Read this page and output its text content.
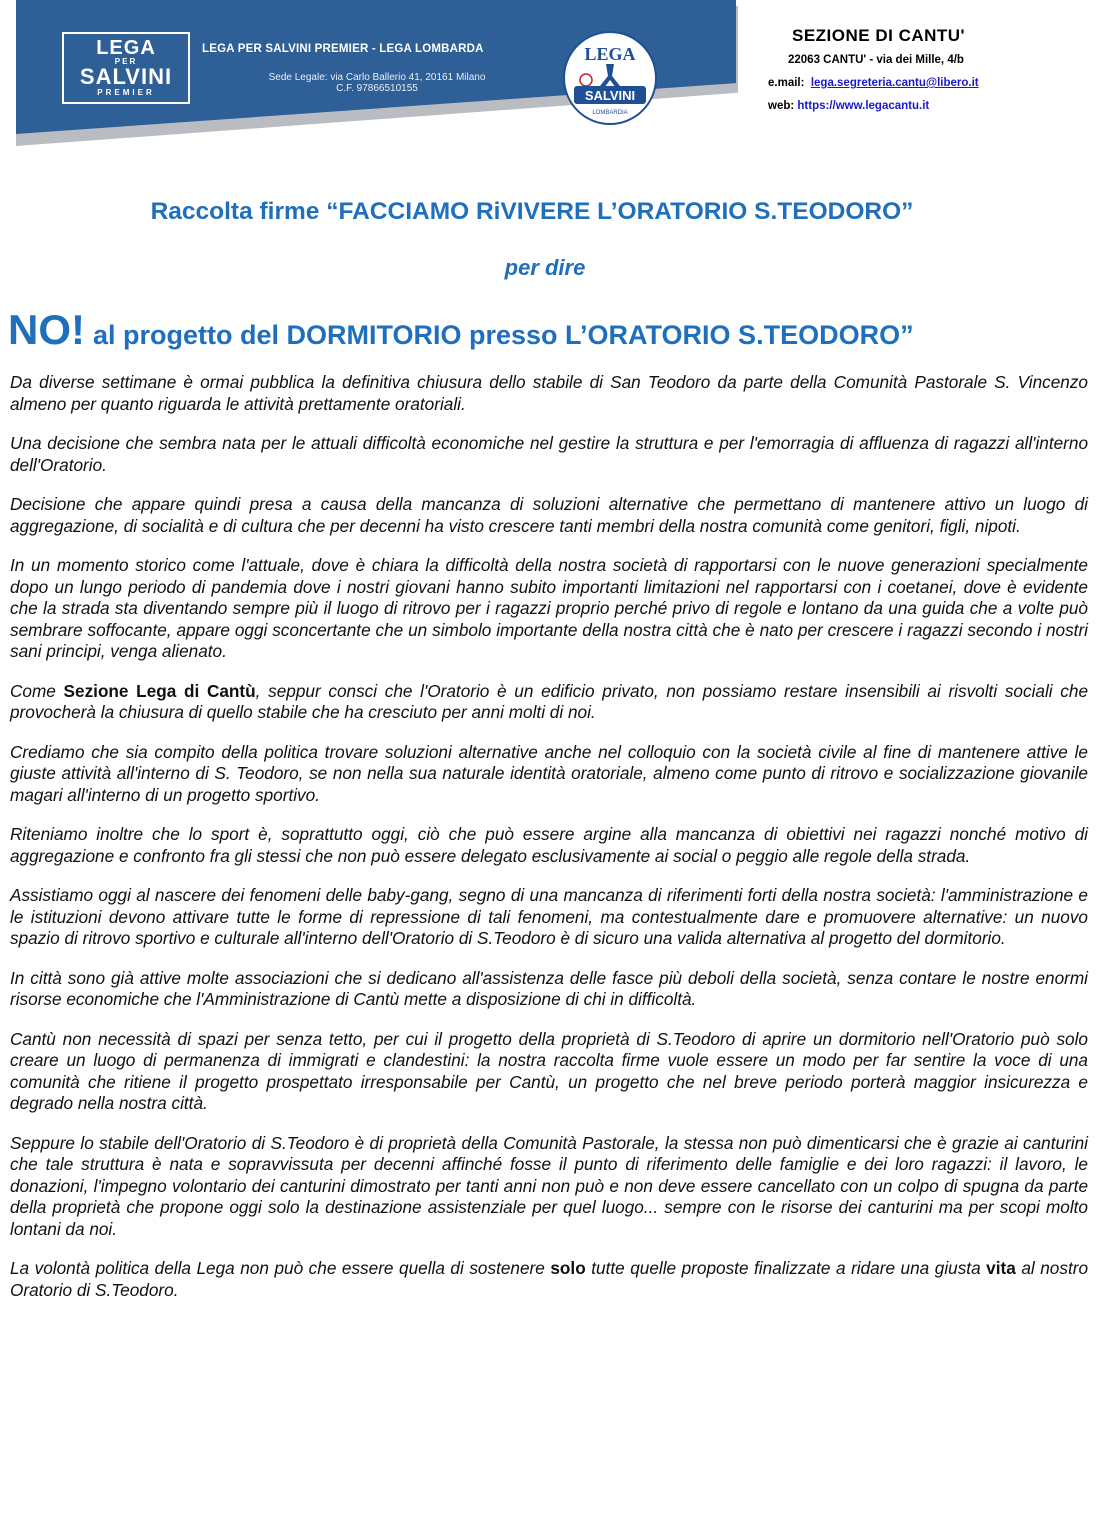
LEGA
PER
SALVINI
PREMIER
LEGA PER SALVINI PREMIER - LEGA LOMBARDA
Sede Legale: via Carlo Ballerio 41, 20161 Milano
C.F. 97866510155
LEGA
SALVINI
LOMBARDIA
SEZIONE DI CANTU'
22063 CANTU' - via dei Mille, 4/b
e.mail: lega.segreteria.cantu@libero.it
web: https://www.legacantu.it
Raccolta firme “FACCIAMO RiVIVERE L’ORATORIO S.TEODORO”
per dire
NO! al progetto del DORMITORIO presso L’ORATORIO S.TEODORO”

Da diverse settimane è ormai pubblica la definitiva chiusura dello stabile di San Teodoro da parte della Comunità Pastorale S. Vincenzo almeno per quanto riguarda le attività prettamente oratoriali.

Una decisione che sembra nata per le attuali difficoltà economiche nel gestire la struttura e per l'emorragia di affluenza di ragazzi all'interno dell'Oratorio.

Decisione che appare quindi presa a causa della mancanza di soluzioni alternative che permettano di mantenere attivo un luogo di aggregazione, di socialità e di cultura che per decenni ha visto crescere tanti membri della nostra comunità come genitori, figli, nipoti.

In un momento storico come l'attuale, dove è chiara la difficoltà della nostra società di rapportarsi con le nuove generazioni specialmente dopo un lungo periodo di pandemia dove i nostri giovani hanno subito importanti limitazioni nel rapportarsi con i coetanei, dove è evidente che la strada sta diventando sempre più il luogo di ritrovo per i ragazzi proprio perché privo di regole e lontano da una guida che a volte può sembrare soffocante, appare oggi sconcertante che un simbolo importante della nostra città che è nato per crescere i ragazzi secondo i nostri sani principi, venga alienato.

Come Sezione Lega di Cantù, seppur consci che l'Oratorio è un edificio privato, non possiamo restare insensibili ai risvolti sociali che provocherà la chiusura di quello stabile che ha cresciuto per anni molti di noi.

Crediamo che sia compito della politica trovare soluzioni alternative anche nel colloquio con la società civile al fine di mantenere attive le giuste attività all'interno di S. Teodoro, se non nella sua naturale identità oratoriale, almeno come punto di ritrovo e socializzazione giovanile magari all'interno di un progetto sportivo.

Riteniamo inoltre che lo sport è, soprattutto oggi, ciò che può essere argine alla mancanza di obiettivi nei ragazzi nonché motivo di aggregazione e confronto fra gli stessi che non può essere delegato esclusivamente ai social o peggio alle regole della strada.

Assistiamo oggi al nascere dei fenomeni delle baby-gang, segno di una mancanza di riferimenti forti della nostra società: l'amministrazione e le istituzioni devono attivare tutte le forme di repressione di tali fenomeni, ma contestualmente dare e promuovere alternative: un nuovo spazio di ritrovo sportivo e culturale all'interno dell'Oratorio di S.Teodoro è di sicuro una valida alternativa al progetto del dormitorio.

In città sono già attive molte associazioni che si dedicano all'assistenza delle fasce più deboli della società, senza contare le nostre enormi risorse economiche che l'Amministrazione di Cantù mette a disposizione di chi in difficoltà.

Cantù non necessità di spazi per senza tetto, per cui il progetto della proprietà di S.Teodoro di aprire un dormitorio nell'Oratorio può solo creare un luogo di permanenza di immigrati e clandestini: la nostra raccolta firme vuole essere un modo per far sentire la voce di una comunità che ritiene il progetto prospettato irresponsabile per Cantù, un progetto che nel breve periodo porterà maggior insicurezza e degrado nella nostra città.

Seppure lo stabile dell'Oratorio di S.Teodoro è di proprietà della Comunità Pastorale, la stessa non può dimenticarsi che è grazie ai canturini che tale struttura è nata e sopravvissuta per decenni affinché fosse il punto di riferimento delle famiglie e dei loro ragazzi: il lavoro, le donazioni, l'impegno volontario dei canturini dimostrato per tanti anni non può e non deve essere cancellato con un colpo di spugna da parte della proprietà che propone oggi solo la destinazione assistenziale per quel luogo... sempre con le risorse dei canturini ma per scopi molto lontani da noi.

La volontà politica della Lega non può che essere quella di sostenere solo tutte quelle proposte finalizzate a ridare una giusta vita al nostro Oratorio di S.Teodoro.
